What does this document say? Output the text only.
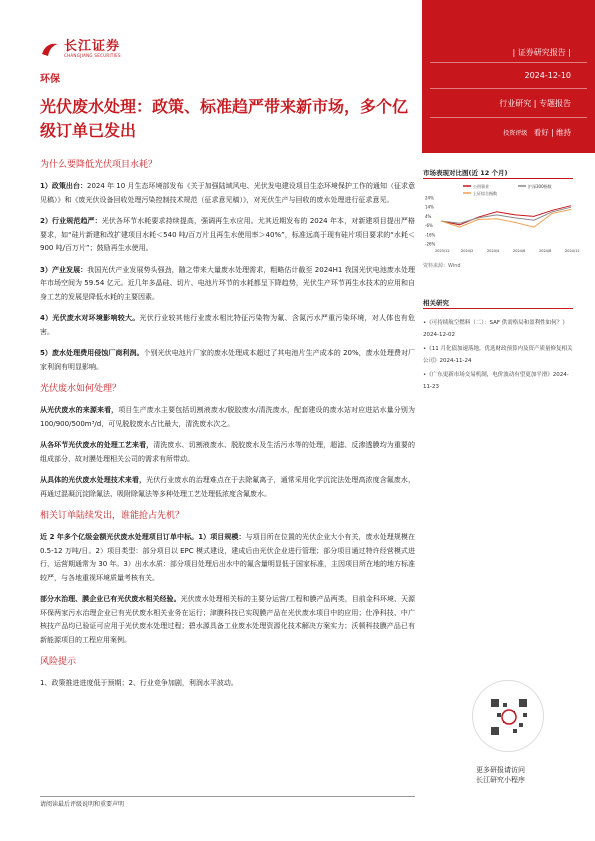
长江证券
CHANGJIANG SECURITIES
环保
光伏废水处理：政策、标准趋严带来新市场，多个亿级订单已发出
| 证券研究报告 |
2024-12-10
行业研究 | 专题报告
投资评级 看好 | 维持
为什么要降低光伏项目水耗？
1）政策出台：2024 年 10 月生态环境部发布《关于加强陆域风电、光伏发电建设项目生态环境保护工作的通知（征求意见稿）》和《废光伏设备回收处理污染控制技术规范（征求意见稿）》，对光伏生产与回收的废水处理进行征求意见。
2）行业规范趋严：光伏各环节水耗要求持续提高，强调再生水应用。尤其近期发布的 2024 年本，对新建项目提出严格要求，如“硅片新建和改扩建项目水耗＜540 吨/百万片且再生水使用率＞40%”，标准远高于现有硅片项目要求的“水耗＜900 吨/百万片”；鼓励再生水使用。
3）产业发展：我国光伏产业发展势头强劲，随之带来大量废水处理需求，粗略估计截至 2024H1 我国光伏电池废水处理年市场空间为 59.54 亿元。近几年多晶硅、切片、电池片环节的水耗都呈下降趋势，光伏生产环节再生水技术的应用和自身工艺的发展是降低水耗的主要因素。
4）光伏废水对环境影响较大。光伏行业较其他行业废水相比特征污染物为氟、含氮污水严重污染环境，对人体也有危害。
5）废水处理费用侵蚀厂商利润。个别光伏电池片厂家的废水处理成本超过了其电池片生产成本的 20%，废水处理费对厂家利润有明显影响。
光伏废水如何处理？
从光伏废水的来源来看，项目生产废水主要包括切割液废水/脱胶废水/清洗废水，配套建设的废水站对应进站水量分别为 100/900/500m³/d，可见脱胶废水占比最大，清洗废水次之。
从各环节光伏废水的处理工艺来看，清洗废水、切割液废水、脱胶废水及生活污水等的处理，超滤、反渗透膜均为重要的组成部分，故对膜处理相关公司的需求有所带动。
从具体的光伏废水处理技术来看，光伏行业废水的治理难点在于去除氟离子，通常采用化学沉淀法处理高浓度含氟废水，再通过混凝沉淀除氟法、吸附除氟法等多种处理工艺处理低浓度含氟废水。
相关订单陆续发出，谁能抢占先机？
近 2 年多个亿级金额光伏废水处理项目订单中标。1）项目规模：与项目所在位置的光伏企业大小有关，废水处理规模在 0.5-12 万吨/日。2）项目类型：部分项目以 EPC 模式建设，建成后由光伏企业进行管理；部分项目通过特许经营模式进行，运营期通常为 30 年。3）出水水质：部分项目处理后出水中的氟含量明显低于国家标准，主因项目所在地的地方标准较严，与各地重视环境质量考核有关。
部分水治理、膜企业已有光伏废水相关经验。光伏废水处理相关标的主要分运营/工程和膜产品两类，目前金科环境、天源环保两家污水治理企业已有光伏废水相关业务在运行；津膜科技已实现膜产品在光伏废水项目中的应用；仕净科技、中广核技产品均已验证可应用于光伏废水处理过程；碧水源具备工业废水处理资源化技术解决方案实力；沃顿科技膜产品已有新能源项目的工程应用案例。
风险提示
1、政策推进进度低于预期；2、行业竞争加剧，利润水平波动。
市场表现对比图(近 12 个月)
公用事业	沪深300指数
上证综合指数
24%
14%
4%
-6%
-16%
-26%
2023/12	2024/2	2024/4	2024/6	2024/8	2024/12
资料来源：Wind
相关研究
•《可持续航空燃料（二）：SAF 供需格局和盈利性如何？》2024-12-02
•《11 月化债加速落地，优选财政预算内及资产质量修复相关公司》2024-11-24
•《广东更新市场交易机制，电价波动有望更加平滑》2024-11-23
更多研报请访问
长江研究小程序
请阅读最后评级说明和重要声明
